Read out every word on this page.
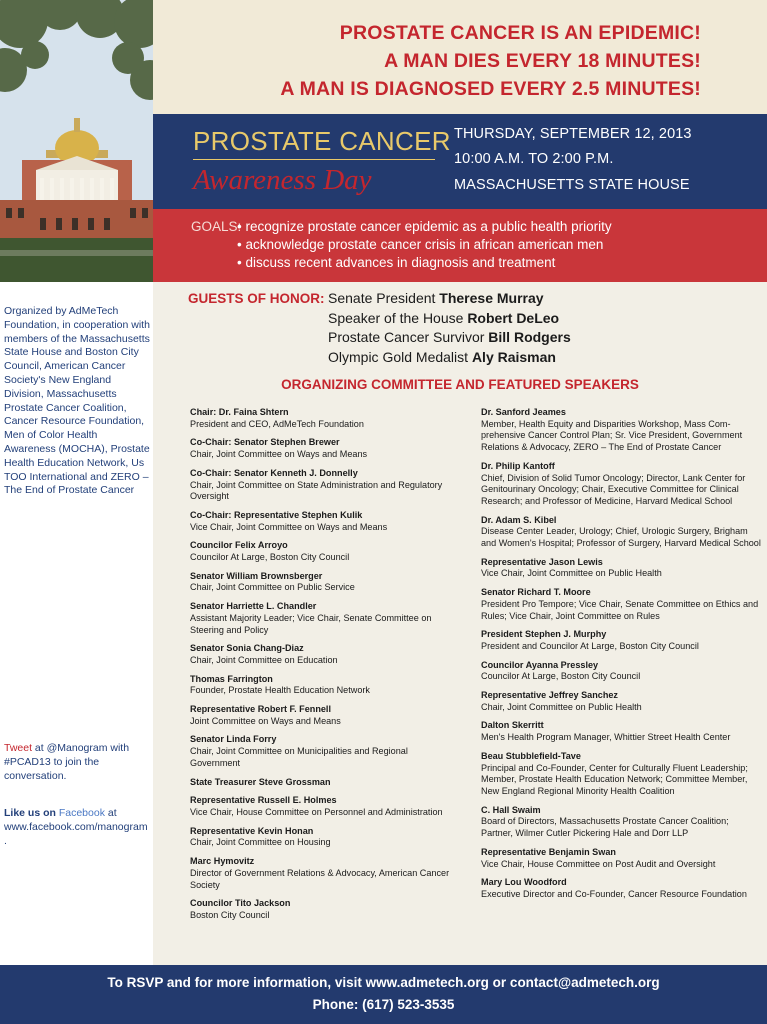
PROSTATE CANCER IS AN EPIDEMIC!
A MAN DIES EVERY 18 MINUTES!
A MAN IS DIAGNOSED EVERY 2.5 MINUTES!
PROSTATE CANCER
Awareness Day
THURSDAY, SEPTEMBER 12, 2013
10:00 A.M. TO 2:00 P.M.
MASSACHUSETTS STATE HOUSE
GOALS:
• recognize prostate cancer epidemic as a public health priority
• acknowledge prostate cancer crisis in african american men
• discuss recent advances in diagnosis and treatment
Organized by AdMeTech Foundation, in cooperation with members of the Massachusetts State House and Boston City Council, American Cancer Society's New England Division, Massachusetts Prostate Cancer Coalition, Cancer Resource Foundation, Men of Color Health Awareness (MOCHA), Prostate Health Education Network, Us TOO International and ZERO – The End of Prostate Cancer
Tweet at @Manogram with #PCAD13 to join the conversation.
Like us on Facebook at www.facebook.com/manogram
.
GUESTS OF HONOR: Senate President Therese Murray
Speaker of the House Robert DeLeo
Prostate Cancer Survivor Bill Rodgers
Olympic Gold Medalist Aly Raisman
ORGANIZING COMMITTEE AND FEATURED SPEAKERS
Chair: Dr. Faina Shtern
President and CEO, AdMeTech Foundation
Co-Chair: Senator Stephen Brewer
Chair, Joint Committee on Ways and Means
Co-Chair: Senator Kenneth J. Donnelly
Chair, Joint Committee on State Administration and Regulatory Oversight
Co-Chair: Representative Stephen Kulik
Vice Chair, Joint Committee on Ways and Means
Councilor Felix Arroyo
Councilor At Large, Boston City Council
Senator William Brownsberger
Chair, Joint Committee on Public Service
Senator Harriette L. Chandler
Assistant Majority Leader; Vice Chair, Senate Committee on Steering and Policy
Senator Sonia Chang-Diaz
Chair, Joint Committee on Education
Thomas Farrington
Founder, Prostate Health Education Network
Representative Robert F. Fennell
Joint Committee on Ways and Means
Senator Linda Forry
Chair, Joint Committee on Municipalities and Regional Government
State Treasurer Steve Grossman
Representative Russell E. Holmes
Vice Chair, House Committee on Personnel and Administration
Representative Kevin Honan
Chair, Joint Committee on Housing
Marc Hymovitz
Director of Government Relations & Advocacy, American Cancer Society
Councilor Tito Jackson
Boston City Council
Dr. Sanford Jeames
Member, Health Equity and Disparities Workshop, Mass Comprehensive Cancer Control Plan; Sr. Vice President, Government Relations & Advocacy, ZERO – The End of Prostate Cancer
Dr. Philip Kantoff
Chief, Division of Solid Tumor Oncology; Director, Lank Center for Genitourinary Oncology; Chair, Executive Committee for Clinical Research; and Professor of Medicine, Harvard Medical School
Dr. Adam S. Kibel
Disease Center Leader, Urology; Chief, Urologic Surgery, Brigham and Women's Hospital; Professor of Surgery, Harvard Medical School
Representative Jason Lewis
Vice Chair, Joint Committee on Public Health
Senator Richard T. Moore
President Pro Tempore; Vice Chair, Senate Committee on Ethics and Rules; Vice Chair, Joint Committee on Rules
President Stephen J. Murphy
President and Councilor At Large, Boston City Council
Councilor Ayanna Pressley
Councilor At Large, Boston City Council
Representative Jeffrey Sanchez
Chair, Joint Committee on Public Health
Dalton Skerritt
Men's Health Program Manager, Whittier Street Health Center
Beau Stubblefield-Tave
Principal and Co-Founder, Center for Culturally Fluent Leadership; Member, Prostate Health Education Network; Committee Member, New England Regional Minority Health Coalition
C. Hall Swaim
Board of Directors, Massachusetts Prostate Cancer Coalition; Partner, Wilmer Cutler Pickering Hale and Dorr LLP
Representative Benjamin Swan
Vice Chair, House Committee on Post Audit and Oversight
Mary Lou Woodford
Executive Director and Co-Founder, Cancer Resource Foundation
To RSVP and for more information, visit www.admetech.org or contact@admetech.org
Phone: (617) 523-3535
